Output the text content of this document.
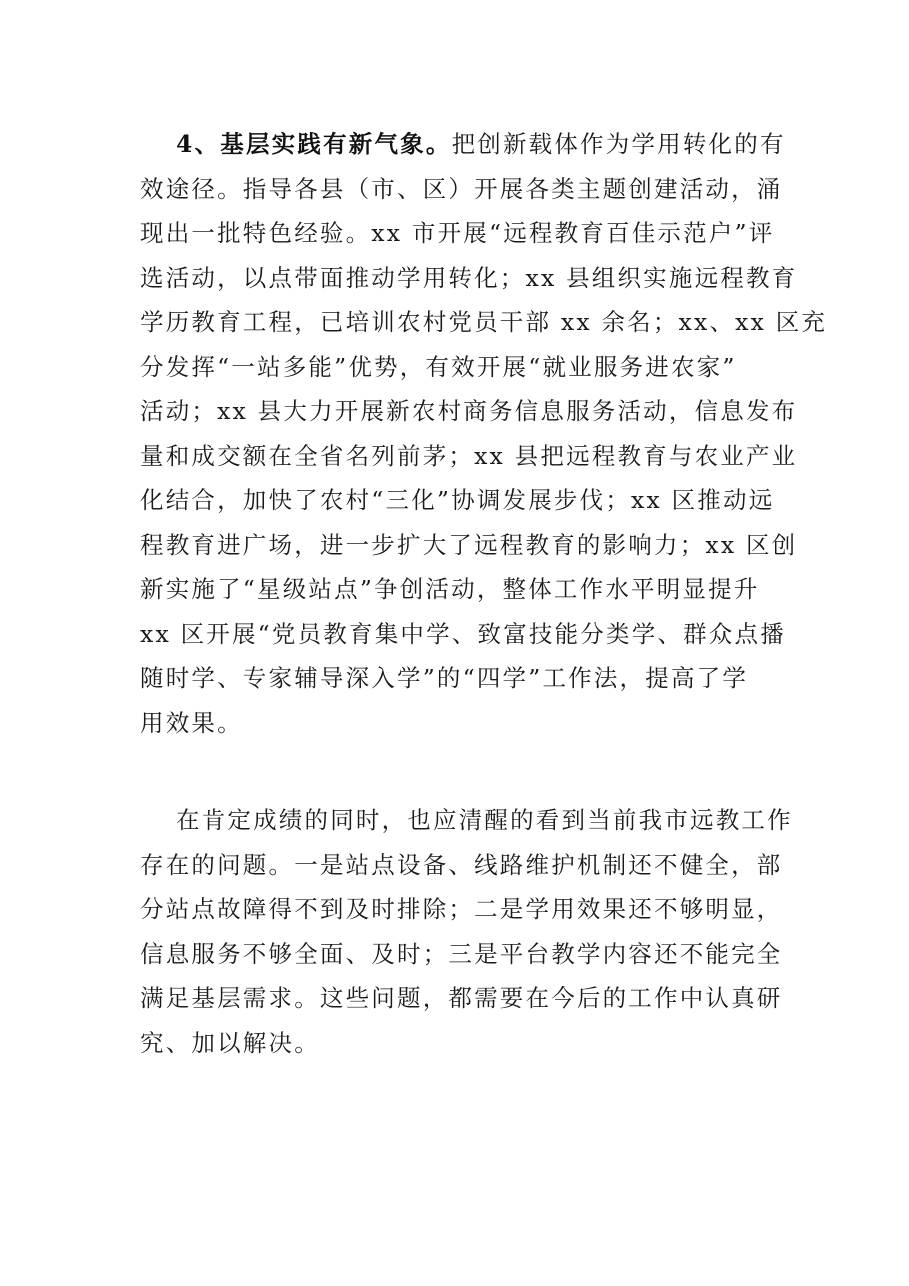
4、基层实践有新气象。把创新载体作为学用转化的有
效途径。指导各县（市、区）开展各类主题创建活动，涌
现出一批特色经验。xx 市开展“远程教育百佳示范户”评
选活动，以点带面推动学用转化；xx 县组织实施远程教育
学历教育工程，已培训农村党员干部 xx 余名；xx、xx 区充
分发挥“一站多能”优势，有效开展“就业服务进农家”
活动；xx 县大力开展新农村商务信息服务活动，信息发布
量和成交额在全省名列前茅；xx 县把远程教育与农业产业
化结合，加快了农村“三化”协调发展步伐；xx 区推动远
程教育进广场，进一步扩大了远程教育的影响力；xx 区创
新实施了“星级站点”争创活动，整体工作水平明显提升
xx 区开展“党员教育集中学、致富技能分类学、群众点播
随时学、专家辅导深入学”的“四学”工作法，提高了学
用效果。
在肯定成绩的同时，也应清醒的看到当前我市远教工作
存在的问题。一是站点设备、线路维护机制还不健全，部
分站点故障得不到及时排除；二是学用效果还不够明显，
信息服务不够全面、及时；三是平台教学内容还不能完全
满足基层需求。这些问题，都需要在今后的工作中认真研
究、加以解决。
